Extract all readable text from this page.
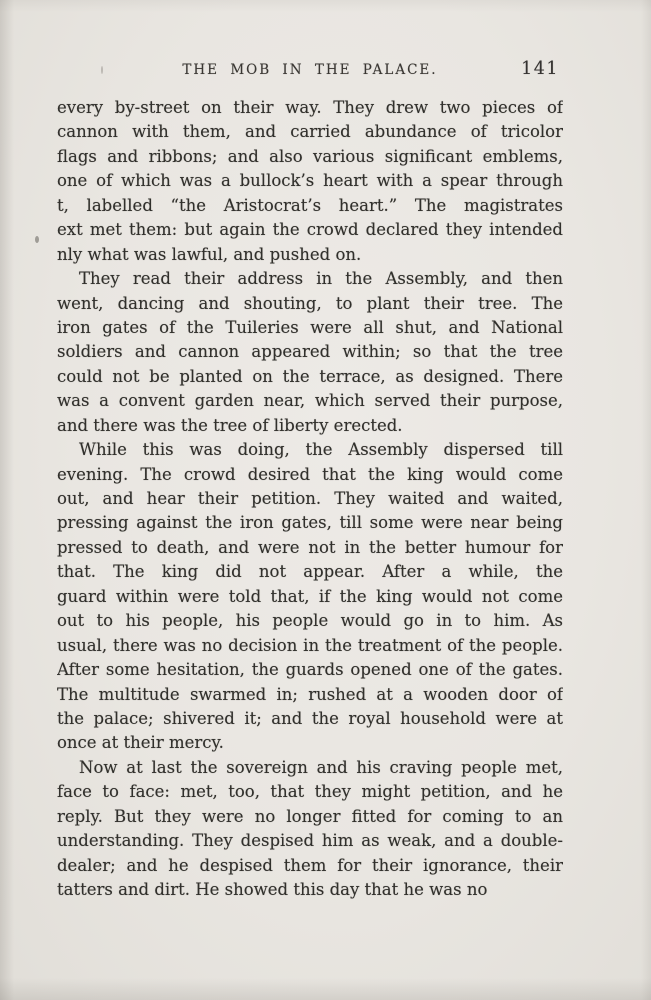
THE MOB IN THE PALACE.	141
every by-street on their way. They drew two pieces of
cannon with them, and carried abundance of tricolor
flags and ribbons; and also various significant emblems,
one of which was a bullock’s heart with a spear through
t, labelled “the Aristocrat’s heart.” The magistrates
ext met them: but again the crowd declared they intended
nly what was lawful, and pushed on.
They read their address in the Assembly, and then
went, dancing and shouting, to plant their tree. The
iron gates of the Tuileries were all shut, and National
soldiers and cannon appeared within; so that the tree
could not be planted on the terrace, as designed. There
was a convent garden near, which served their purpose,
and there was the tree of liberty erected.
While this was doing, the Assembly dispersed till
evening. The crowd desired that the king would come
out, and hear their petition. They waited and waited,
pressing against the iron gates, till some were near being
pressed to death, and were not in the better humour for
that. The king did not appear. After a while, the
guard within were told that, if the king would not come
out to his people, his people would go in to him. As
usual, there was no decision in the treatment of the people.
After some hesitation, the guards opened one of the gates.
The multitude swarmed in; rushed at a wooden door of
the palace; shivered it; and the royal household were at
once at their mercy.
Now at last the sovereign and his craving people met,
face to face: met, too, that they might petition, and he
reply. But they were no longer fitted for coming to an
understanding. They despised him as weak, and a double-
dealer; and he despised them for their ignorance, their
tatters and dirt. He showed this day that he was no
